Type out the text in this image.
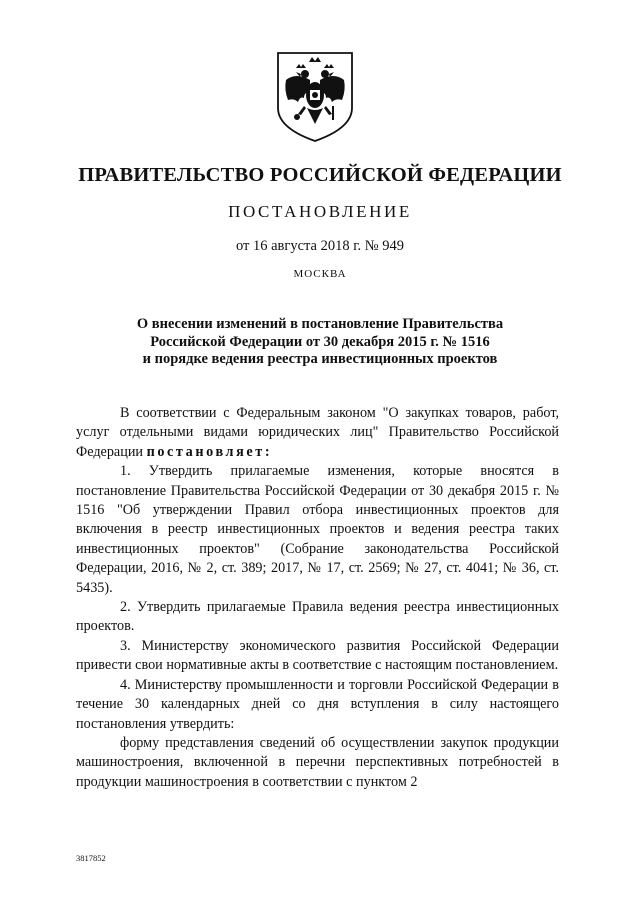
ПРАВИТЕЛЬСТВО РОССИЙСКОЙ ФЕДЕРАЦИИ
ПОСТАНОВЛЕНИЕ
от 16 августа 2018 г. № 949
МОСКВА
О внесении изменений в постановление Правительства
Российской Федерации от 30 декабря 2015 г. № 1516
и порядке ведения реестра инвестиционных проектов

В соответствии с Федеральным законом "О закупках товаров, работ, услуг отдельными видами юридических лиц" Правительство Российской Федерации постановляет:

1. Утвердить прилагаемые изменения, которые вносятся в постановление Правительства Российской Федерации от 30 декабря 2015 г. № 1516 "Об утверждении Правил отбора инвестиционных проектов для включения в реестр инвестиционных проектов и ведения реестра таких инвестиционных проектов" (Собрание законодательства Российской Федерации, 2016, № 2, ст. 389; 2017, № 17, ст. 2569; № 27, ст. 4041; № 36, ст. 5435).

2. Утвердить прилагаемые Правила ведения реестра инвестиционных проектов.

3. Министерству экономического развития Российской Федерации привести свои нормативные акты в соответствие с настоящим постановлением.

4. Министерству промышленности и торговли Российской Федерации в течение 30 календарных дней со дня вступления в силу настоящего постановления утвердить:

форму представления сведений об осуществлении закупок продукции машиностроения, включенной в перечни перспективных потребностей в продукции машиностроения в соответствии с пунктом 2

3817852
